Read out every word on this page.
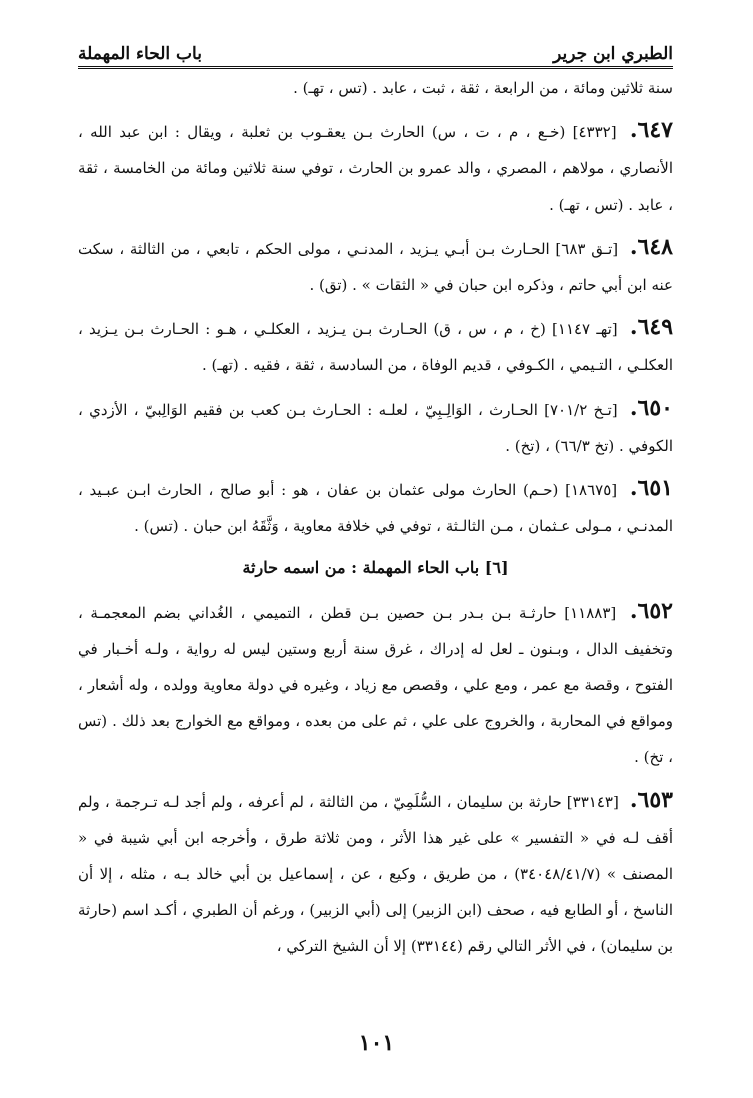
الطبري ابن جرير
باب الحاء المهملة

سنة ثلاثين ومائة ، من الرابعة ، ثقة ، ثبت ، عابد . (تس ، تهـ) .

٦٤٧. [٤٣٣٢] (خـع ، م ، ت ، س) الحارث بـن يعقـوب بن ثعلبة ، ويقال : ابن عبد الله ، الأنصاري ، مولاهم ، المصري ، والد عمرو بن الحارث ، توفي سنة ثلاثين ومائة من الخامسة ، ثقة ، عابد . (تس ، تهـ) .

٦٤٨. [تـق ٦٨٣] الحـارث بـن أبـي يـزيد ، المدنـي ، مولى الحكم ، تابعي ، من الثالثة ، سكت عنه ابن أبي حاتم ، وذكره ابن حبان في « الثقات » . (تق) .

٦٤٩. [تهـ ١١٤٧] (خ ، م ، س ، ق) الحـارث بـن يـزيد ، العكلـي ، هـو : الحـارث بـن يـزيد ، العكلـي ، التـيمي ، الكـوفي ، قديم الوفاة ، من السادسة ، ثقة ، فقيه . (تهـ) .

٦٥٠. [تـخ ٧٠١/٢] الحـارث ، الوَالِـبِيّ ، لعلـه : الحـارث بـن كعب بن فقيم الوَالِبيّ ، الأزدي ، الكوفي . (تخ ٦٦/٣) ، (تخ) .

٦٥١. [١٨٦٧٥] (حـم) الحارث مولى عثمان بن عفان ، هو : أبو صالح ، الحارث ابـن عبـيد ، المدنـي ، مـولى عـثمان ، مـن الثالـثة ، توفي في خلافة معاوية ، وَثَّقَهُ ابن حبان . (تس) .

[٦] باب الحاء المهملة : من اسمه حارثة

٦٥٢. [١١٨٨٣] حارثـة بـن بـدر بـن حصين بـن قطن ، التميمي ، الغُداني بضم المعجمـة ، وتخفيف الدال ، وبـنون ـ لعل له إدراك ، غرق سنة أربع وستين ليس له رواية ، ولـه أخـبار في الفتوح ، وقصة مع عمر ، ومع علي ، وقصص مع زياد ، وغيره في دولة معاوية وولده ، وله أشعار ، ومواقع في المحاربة ، والخروج على علي ، ثم على من بعده ، ومواقع مع الخوارج بعد ذلك . (تس ، تخ) .

٦٥٣. [٣٣١٤٣] حارثة بن سليمان ، السُّلَمِيّ ، من الثالثة ، لم أعرفه ، ولم أجد لـه تـرجمة ، ولم أقف لـه في « التفسير » على غير هذا الأثر ، ومن ثلاثة طرق ، وأخرجه ابن أبي شيبة في « المصنف » (٣٤٠٤٨/٤١/٧) ، من طريق ، وكيع ، عن ، إسماعيل بن أبي خالد بـه ، مثله ، إلا أن الناسخ ، أو الطابع فيه ، صحف (ابن الزبير) إلى (أبي الزبير) ، ورغم أن الطبري ، أكـد اسم (حارثة بن سليمان) ، في الأثر التالي رقم (٣٣١٤٤) إلا أن الشيخ التركي ،

١٠١
